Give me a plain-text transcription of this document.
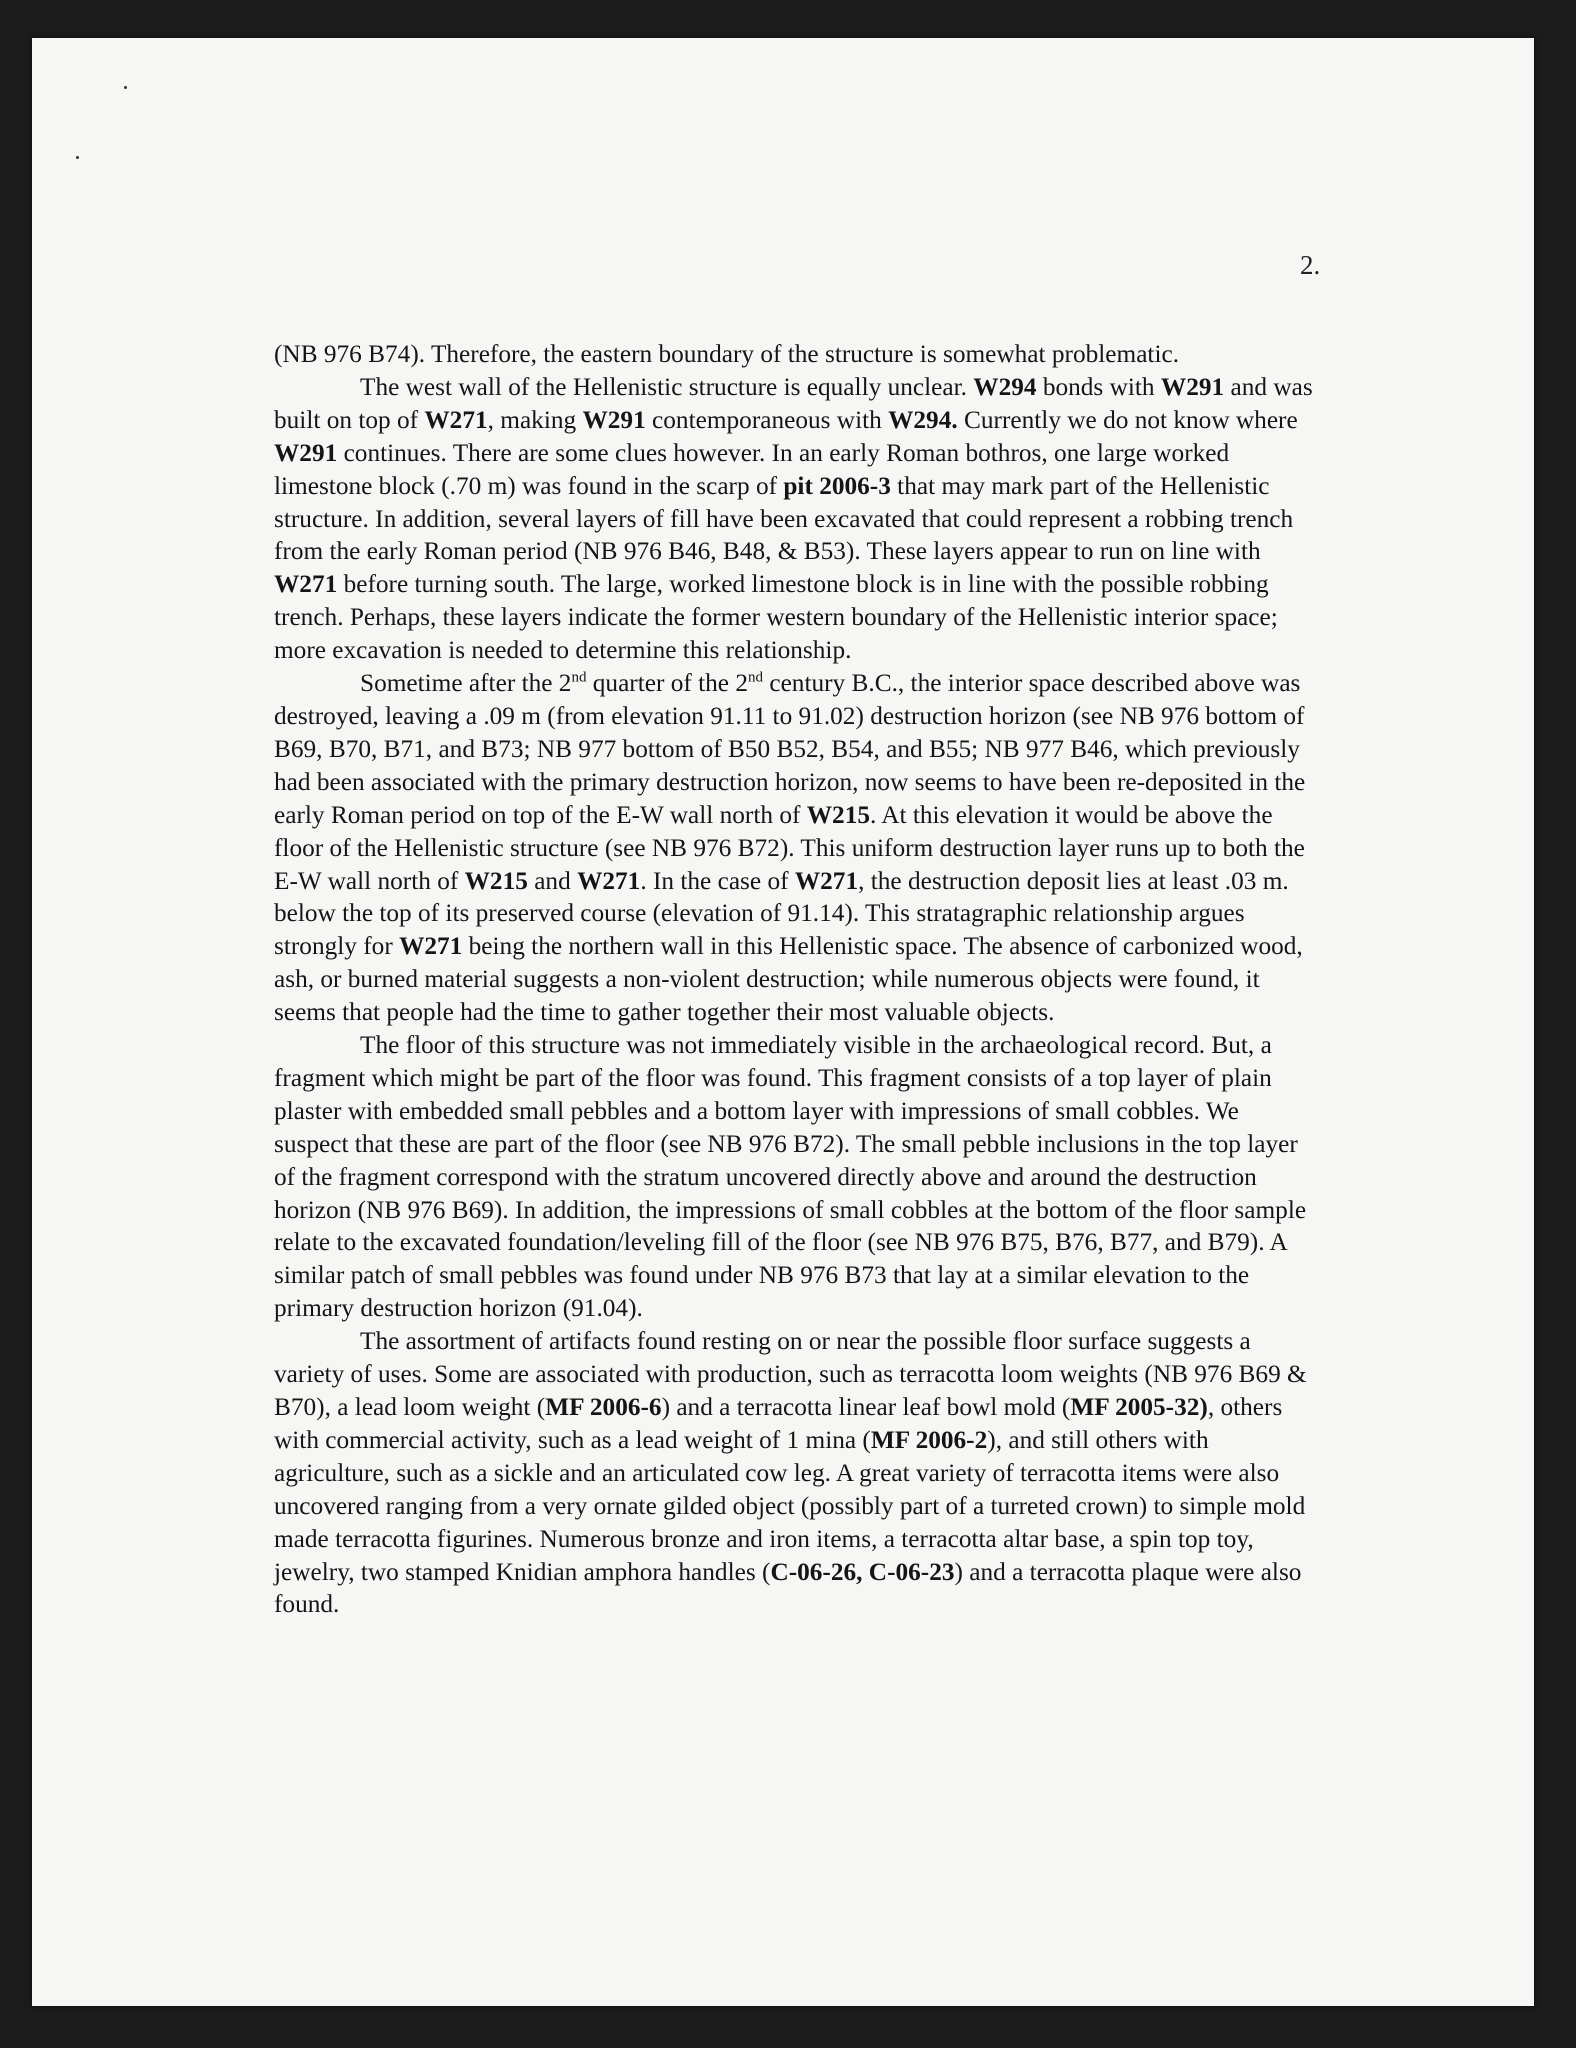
2.

(NB 976 B74). Therefore, the eastern boundary of the structure is somewhat problematic.

The west wall of the Hellenistic structure is equally unclear. W294 bonds with W291 and was built on top of W271, making W291 contemporaneous with W294. Currently we do not know where W291 continues. There are some clues however. In an early Roman bothros, one large worked limestone block (.70 m) was found in the scarp of pit 2006-3 that may mark part of the Hellenistic structure. In addition, several layers of fill have been excavated that could represent a robbing trench from the early Roman period (NB 976 B46, B48, & B53). These layers appear to run on line with W271 before turning south. The large, worked limestone block is in line with the possible robbing trench. Perhaps, these layers indicate the former western boundary of the Hellenistic interior space; more excavation is needed to determine this relationship.

Sometime after the 2nd quarter of the 2nd century B.C., the interior space described above was destroyed, leaving a .09 m (from elevation 91.11 to 91.02) destruction horizon (see NB 976 bottom of B69, B70, B71, and B73; NB 977 bottom of B50 B52, B54, and B55; NB 977 B46, which previously had been associated with the primary destruction horizon, now seems to have been re-deposited in the early Roman period on top of the E-W wall north of W215. At this elevation it would be above the floor of the Hellenistic structure (see NB 976 B72). This uniform destruction layer runs up to both the E-W wall north of W215 and W271. In the case of W271, the destruction deposit lies at least .03 m. below the top of its preserved course (elevation of 91.14). This stratagraphic relationship argues strongly for W271 being the northern wall in this Hellenistic space. The absence of carbonized wood, ash, or burned material suggests a non-violent destruction; while numerous objects were found, it seems that people had the time to gather together their most valuable objects.

The floor of this structure was not immediately visible in the archaeological record. But, a fragment which might be part of the floor was found. This fragment consists of a top layer of plain plaster with embedded small pebbles and a bottom layer with impressions of small cobbles. We suspect that these are part of the floor (see NB 976 B72). The small pebble inclusions in the top layer of the fragment correspond with the stratum uncovered directly above and around the destruction horizon (NB 976 B69). In addition, the impressions of small cobbles at the bottom of the floor sample relate to the excavated foundation/leveling fill of the floor (see NB 976 B75, B76, B77, and B79). A similar patch of small pebbles was found under NB 976 B73 that lay at a similar elevation to the primary destruction horizon (91.04).

The assortment of artifacts found resting on or near the possible floor surface suggests a variety of uses. Some are associated with production, such as terracotta loom weights (NB 976 B69 & B70), a lead loom weight (MF 2006-6) and a terracotta linear leaf bowl mold (MF 2005-32), others with commercial activity, such as a lead weight of 1 mina (MF 2006-2), and still others with agriculture, such as a sickle and an articulated cow leg. A great variety of terracotta items were also uncovered ranging from a very ornate gilded object (possibly part of a turreted crown) to simple mold made terracotta figurines. Numerous bronze and iron items, a terracotta altar base, a spin top toy, jewelry, two stamped Knidian amphora handles (C-06-26, C-06-23) and a terracotta plaque were also found.
